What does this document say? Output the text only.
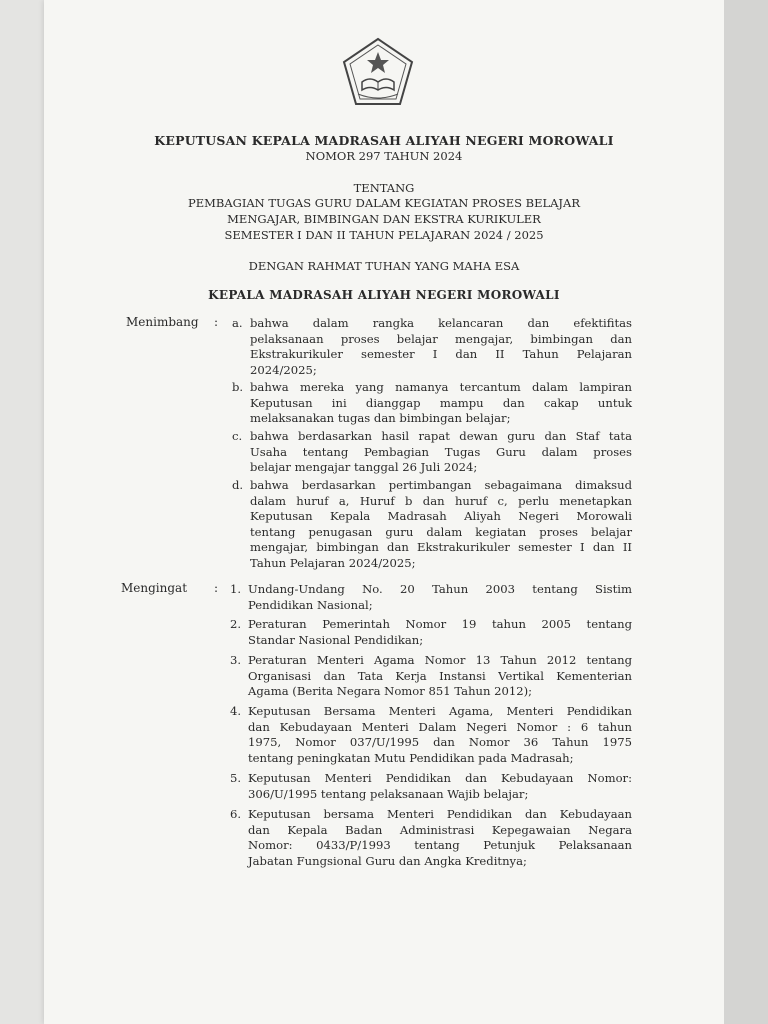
KEPUTUSAN KEPALA MADRASAH ALIYAH NEGERI MOROWALI
NOMOR 297 TAHUN 2024
TENTANG
PEMBAGIAN TUGAS GURU DALAM KEGIATAN PROSES BELAJAR
MENGAJAR, BIMBINGAN DAN EKSTRA KURIKULER
SEMESTER I DAN II TAHUN PELAJARAN 2024 / 2025
DENGAN RAHMAT TUHAN YANG MAHA ESA
KEPALA MADRASAH ALIYAH NEGERI MOROWALI
Menimbang : a. bahwa dalam rangka kelancaran dan efektifitas
pelaksanaan proses belajar mengajar, bimbingan dan
Ekstrakurikuler semester I dan II Tahun Pelajaran
2024/2025;
b. bahwa mereka yang namanya tercantum dalam lampiran
Keputusan ini dianggap mampu dan cakap untuk
melaksanakan tugas dan bimbingan belajar;
c. bahwa berdasarkan hasil rapat dewan guru dan Staf tata
Usaha tentang Pembagian Tugas Guru dalam proses
belajar mengajar tanggal 26 Juli 2024;
d. bahwa berdasarkan pertimbangan sebagaimana dimaksud
dalam huruf a, Huruf b dan huruf c, perlu menetapkan
Keputusan Kepala Madrasah Aliyah Negeri Morowali
tentang penugasan guru dalam kegiatan proses belajar
mengajar, bimbingan dan Ekstrakurikuler semester I dan II
Tahun Pelajaran 2024/2025;
Mengingat : 1. Undang-Undang No. 20 Tahun 2003 tentang Sistim
Pendidikan Nasional;
2. Peraturan Pemerintah Nomor 19 tahun 2005 tentang
Standar Nasional Pendidikan;
3. Peraturan Menteri Agama Nomor 13 Tahun 2012 tentang
Organisasi dan Tata Kerja Instansi Vertikal Kementerian
Agama (Berita Negara Nomor 851 Tahun 2012);
4. Keputusan Bersama Menteri Agama, Menteri Pendidikan
dan Kebudayaan Menteri Dalam Negeri Nomor : 6 tahun
1975, Nomor 037/U/1995 dan Nomor 36 Tahun 1975
tentang peningkatan Mutu Pendidikan pada Madrasah;
5. Keputusan Menteri Pendidikan dan Kebudayaan Nomor:
306/U/1995 tentang pelaksanaan Wajib belajar;
6. Keputusan bersama Menteri Pendidikan dan Kebudayaan
dan Kepala Badan Administrasi Kepegawaian Negara
Nomor: 0433/P/1993 tentang Petunjuk Pelaksanaan
Jabatan Fungsional Guru dan Angka Kreditnya;
